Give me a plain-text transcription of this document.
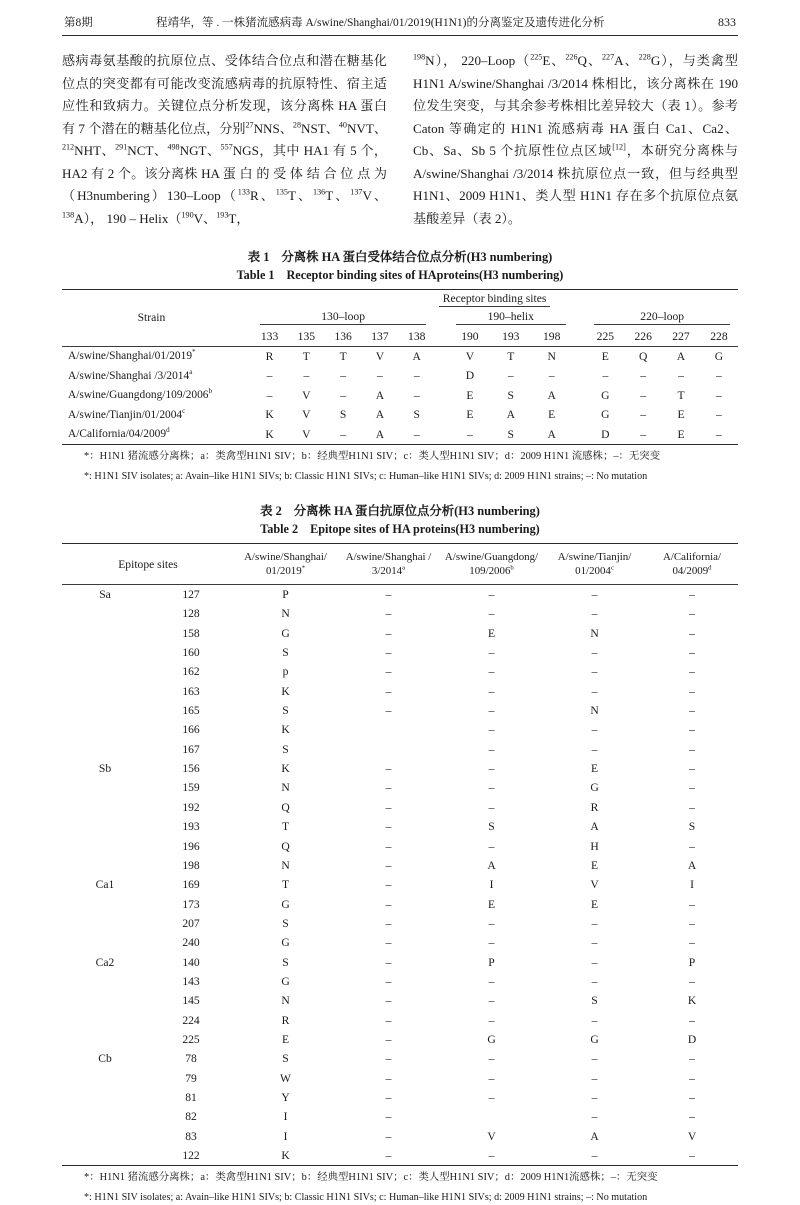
第8期	程靖华，等 . 一株猪流感病毒 A/swine/Shanghai/01/2019(H1N1)的分离鉴定及遗传进化分析	833

感病毒氨基酸的抗原位点、受体结合位点和潜在糖基化位点的突变都有可能改变流感病毒的抗原特性、宿主适应性和致病力。关键位点分析发现，该分离株 HA 蛋白有 7 个潜在的糖基化位点，分别$^{27}$NNS、$^{28}$NST、$^{40}$NVT、$^{212}$NHT、$^{291}$NCT、$^{498}$NGT、$^{557}$NGS，其中 HA1 有 5 个，HA2 有 2 个。该分离株 HA 蛋 白 的 受 体 结 合 位 点 为（H3numbering）130‒Loop（$^{133}$R、$^{135}$T、$^{136}$T、$^{137}$V、$^{138}$A）， 190 ‒ Helix（$^{190}$V、$^{193}$T，

$^{198}$N）， 220‒Loop（$^{225}$E、$^{226}$Q、$^{227}$A、$^{228}$G），与类禽型 H1N1 A/swine/Shanghai /3/2014 株相比，该分离株在 190 位发生突变，与其余参考株相比差异较大（表 1）。参考 Caton 等确定的 H1N1 流感病毒 HA 蛋白 Ca1、Ca2、Cb、Sa、Sb 5 个抗原性位点区域[12]，本研究分离株与 A/swine/Shanghai /3/2014 株抗原位点一致，但与经典型 H1N1、2009 H1N1、类人型 H1N1 存在多个抗原位点氨基酸差异（表 2）。

表 1 分离株 HA 蛋白受体结合位点分析(H3 numbering)
Table 1 Receptor binding sites of HAproteins(H3 numbering)
Strain		Receptor binding sites													
		130‒loop						190‒helix				220‒loop			
		133	135	136	137	138		190	193	198		225	226	227	228
A/swine/Shanghai/01/2019*		R	T	T	V	A		V	T	N		E	Q	A	G
A/swine/Shanghai /3/2014$^a$		–	–	–	–	–		D	–	–		–	–	–	–
A/swine/Guangdong/109/2006$^b$		–	V	–	A	–		E	S	A		G	–	T	–
A/swine/Tianjin/01/2004$^c$		K	V	S	A	S		E	A	E		G	–	E	–
A/California/04/2009$^d$		K	V	–	A	–		–	S	A		D	–	E	–
*：H1N1 猪流感分离株；a：类禽型H1N1 SIV；b：经典型H1N1 SIV；c：类人型H1N1 SIV；d：2009 H1N1 流感株；–：无突变
*: H1N1 SIV isolates; a: Avain‒like H1N1 SIVs; b: Classic H1N1 SIVs; c: Human‒like H1N1 SIVs; d: 2009 H1N1 strains; –: No mutation
表 2 分离株 HA 蛋白抗原位点分析(H3 numbering)
Table 2 Epitope sites of HA proteins(H3 numbering)
Epitope sites		A/swine/Shanghai/
01/2019*	A/swine/Shanghai /
3/2014$^a$	A/swine/Guangdong/
109/2006$^b$	A/swine/Tianjin/
01/2004$^c$	A/California/
04/2009$^d$
Sa	127	P	–	–	–	–
	128	N	–	–	–	–
	158	G	–	E	N	–
	160	S	–	–	–	–
	162	p	–	–	–	–
	163	K	–	–	–	–
	165	S	–	–	N	–
	166	K		–	–	–
	167	S		–	–	–
Sb	156	K	–	–	E	–
	159	N	–	–	G	–
	192	Q	–	–	R	–
	193	T	–	S	A	S
	196	Q	–	–	H	–
	198	N	–	A	E	A
Ca1	169	T	–	I	V	I
	173	G	–	E	E	–
	207	S	–	–	–	–
	240	G	–	–	–	–
Ca2	140	S	–	P	–	P
	143	G	–	–	–	–
	145	N	–	–	S	K
	224	R	–	–	–	–
	225	E	–	G	G	D
Cb	78	S	–	–	–	–
	79	W	–	–	–	–
	81	Y	–	–	–	–
	82	I	–		–	–
	83	I	–	V	A	V
	122	K	–	–	–	–
*：H1N1 猪流感分离株；a：类禽型H1N1 SIV；b：经典型H1N1 SIV；c：类人型H1N1 SIV；d：2009 H1N1流感株；–：无突变
*: H1N1 SIV isolates; a: Avain‒like H1N1 SIVs; b: Classic H1N1 SIVs; c: Human‒like H1N1 SIVs; d: 2009 H1N1 strains; –: No mutation
